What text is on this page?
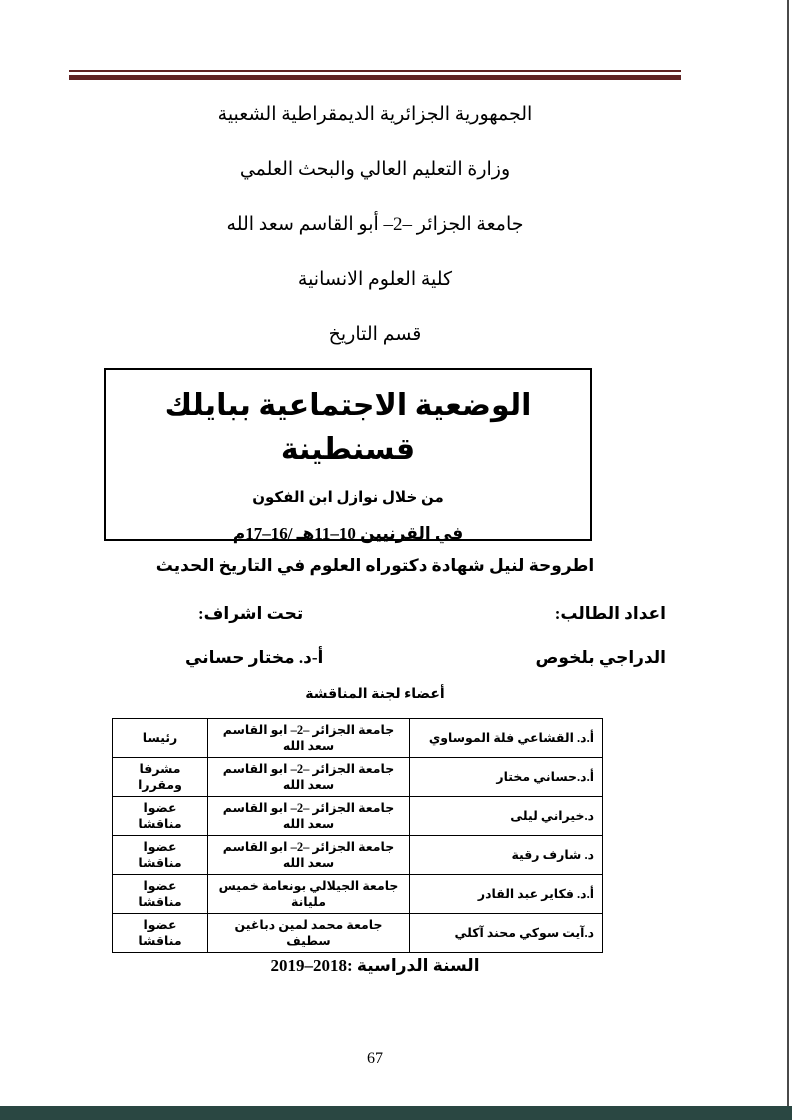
الجمهورية الجزائرية الديمقراطية الشعبية
وزارة التعليم العالي والبحث العلمي
جامعة الجزائر –2– أبو القاسم سعد الله
كلية العلوم الانسانية
قسم التاريخ
الوضعية الاجتماعية ببايلك قسنطينة
من خلال نوازل ابن الفكون
في القرنيين 10–11هـ /16–17م
اطروحة لنيل شهادة دكتوراه العلوم في التاريخ الحديث
اعداد الطالب:
تحت اشراف:
الدراجي بلخوص
أ-د. مختار حساني
أعضاء لجنة المناقشة
أ.د. القشاعي فلة الموساوي	جامعة الجزائر –2– ابو القاسم سعد الله	رئيسا
أ.د.حساني مختار	جامعة الجزائر –2– ابو القاسم سعد الله	مشرفا ومقررا
د.خيراني ليلى	جامعة الجزائر –2– ابو القاسم سعد الله	عضوا مناقشا
د. شارف رقية	جامعة الجزائر –2– ابو القاسم سعد الله	عضوا مناقشا
أ.د. فكاير عبد القادر	جامعة الجيلالي بونعامة خميس مليانة	عضوا مناقشا
د.آيت سوكي محند آكلي	جامعة محمد لمين دباغين سطيف	عضوا مناقشا
السنة الدراسية :2018–2019
67
